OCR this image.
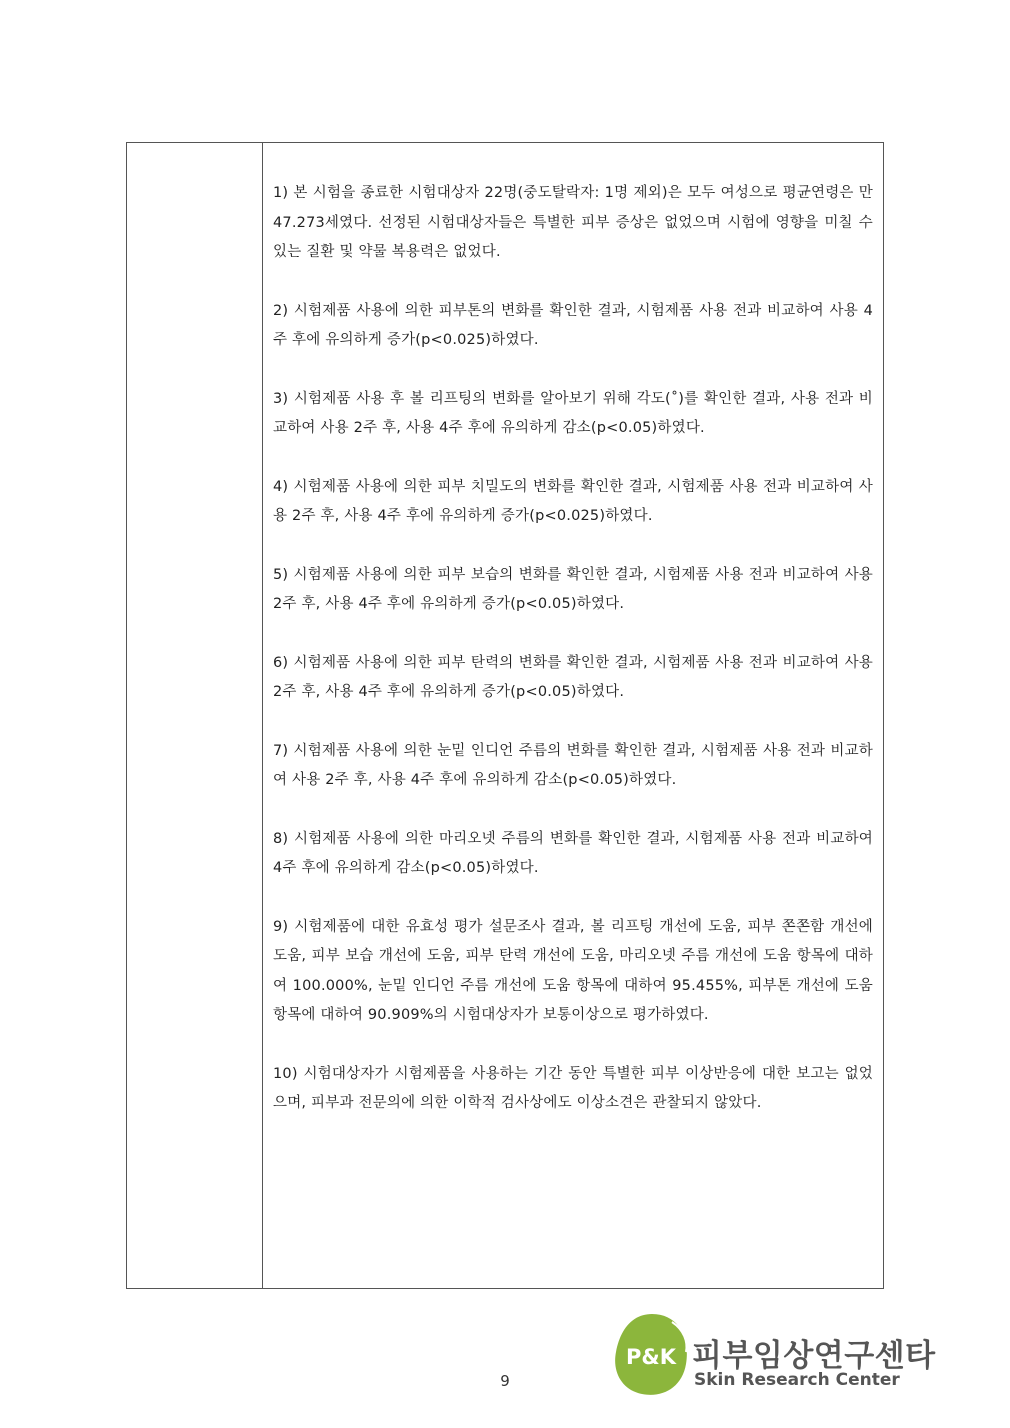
1) 본 시험을 종료한 시험대상자 22명(중도탈락자: 1명 제외)은 모두 여성으로 평균연령은 만 47.273세였다. 선정된 시험대상자들은 특별한 피부 증상은 없었으며 시험에 영향을 미칠 수 있는 질환 및 약물 복용력은 없었다.

2) 시험제품 사용에 의한 피부톤의 변화를 확인한 결과, 시험제품 사용 전과 비교하여 사용 4주 후에 유의하게 증가(p<0.025)하였다.

3) 시험제품 사용 후 볼 리프팅의 변화를 알아보기 위해 각도(˚)를 확인한 결과, 사용 전과 비교하여 사용 2주 후, 사용 4주 후에 유의하게 감소(p<0.05)하였다.

4) 시험제품 사용에 의한 피부 치밀도의 변화를 확인한 결과, 시험제품 사용 전과 비교하여 사용 2주 후, 사용 4주 후에 유의하게 증가(p<0.025)하였다.

5) 시험제품 사용에 의한 피부 보습의 변화를 확인한 결과, 시험제품 사용 전과 비교하여 사용 2주 후, 사용 4주 후에 유의하게 증가(p<0.05)하였다.

6) 시험제품 사용에 의한 피부 탄력의 변화를 확인한 결과, 시험제품 사용 전과 비교하여 사용 2주 후, 사용 4주 후에 유의하게 증가(p<0.05)하였다.

7) 시험제품 사용에 의한 눈밑 인디언 주름의 변화를 확인한 결과, 시험제품 사용 전과 비교하여 사용 2주 후, 사용 4주 후에 유의하게 감소(p<0.05)하였다.

8) 시험제품 사용에 의한 마리오넷 주름의 변화를 확인한 결과, 시험제품 사용 전과 비교하여 4주 후에 유의하게 감소(p<0.05)하였다.

9) 시험제품에 대한 유효성 평가 설문조사 결과, 볼 리프팅 개선에 도움, 피부 쫀쫀함 개선에 도움, 피부 보습 개선에 도움, 피부 탄력 개선에 도움, 마리오넷 주름 개선에 도움 항목에 대하여 100.000%, 눈밑 인디언 주름 개선에 도움 항목에 대하여 95.455%, 피부톤 개선에 도움 항목에 대하여 90.909%의 시험대상자가 보통이상으로 평가하였다.

10) 시험대상자가 시험제품을 사용하는 기간 동안 특별한 피부 이상반응에 대한 보고는 없었으며, 피부과 전문의에 의한 이학적 검사상에도 이상소견은 관찰되지 않았다.

9
P&K 피부임상연구센타
Skin Research Center
